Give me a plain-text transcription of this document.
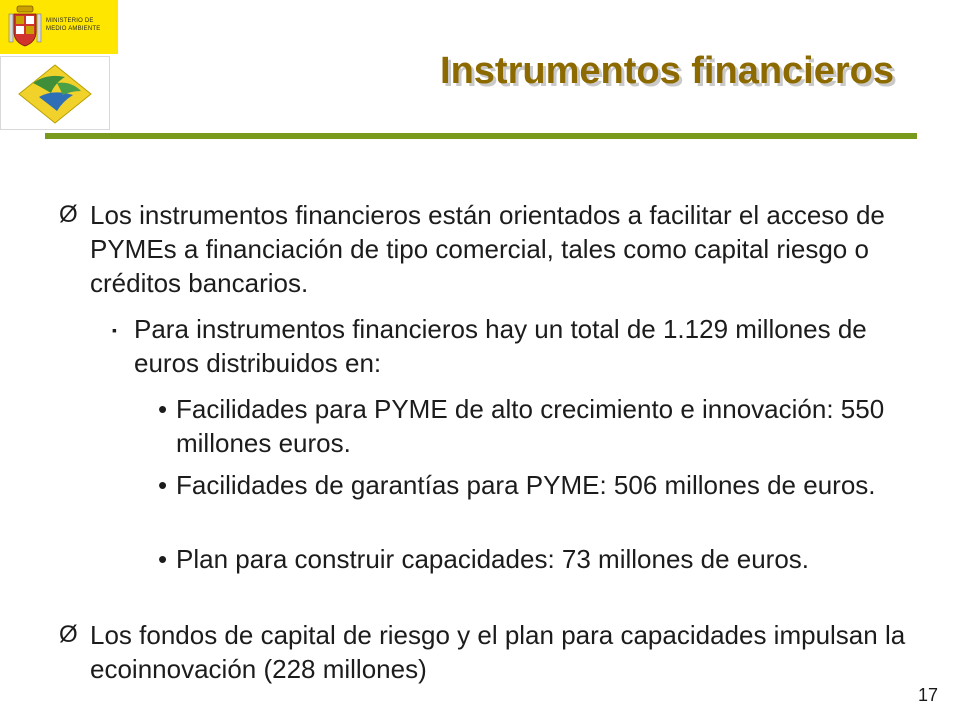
MINISTERIO DE MEDIO AMBIENTE
Instrumentos financieros
Ø Los instrumentos financieros están orientados a facilitar el acceso de PYMEs a financiación de tipo comercial, tales como capital riesgo o créditos bancarios.
▪ Para instrumentos financieros hay un total de 1.129 millones de euros distribuidos en:
• Facilidades para PYME de alto crecimiento e innovación: 550 millones euros.
• Facilidades de garantías para PYME: 506 millones de euros.
• Plan para construir capacidades: 73 millones de euros.
Ø Los fondos de capital de riesgo y el plan para capacidades impulsan la ecoinnovación (228 millones)
17
